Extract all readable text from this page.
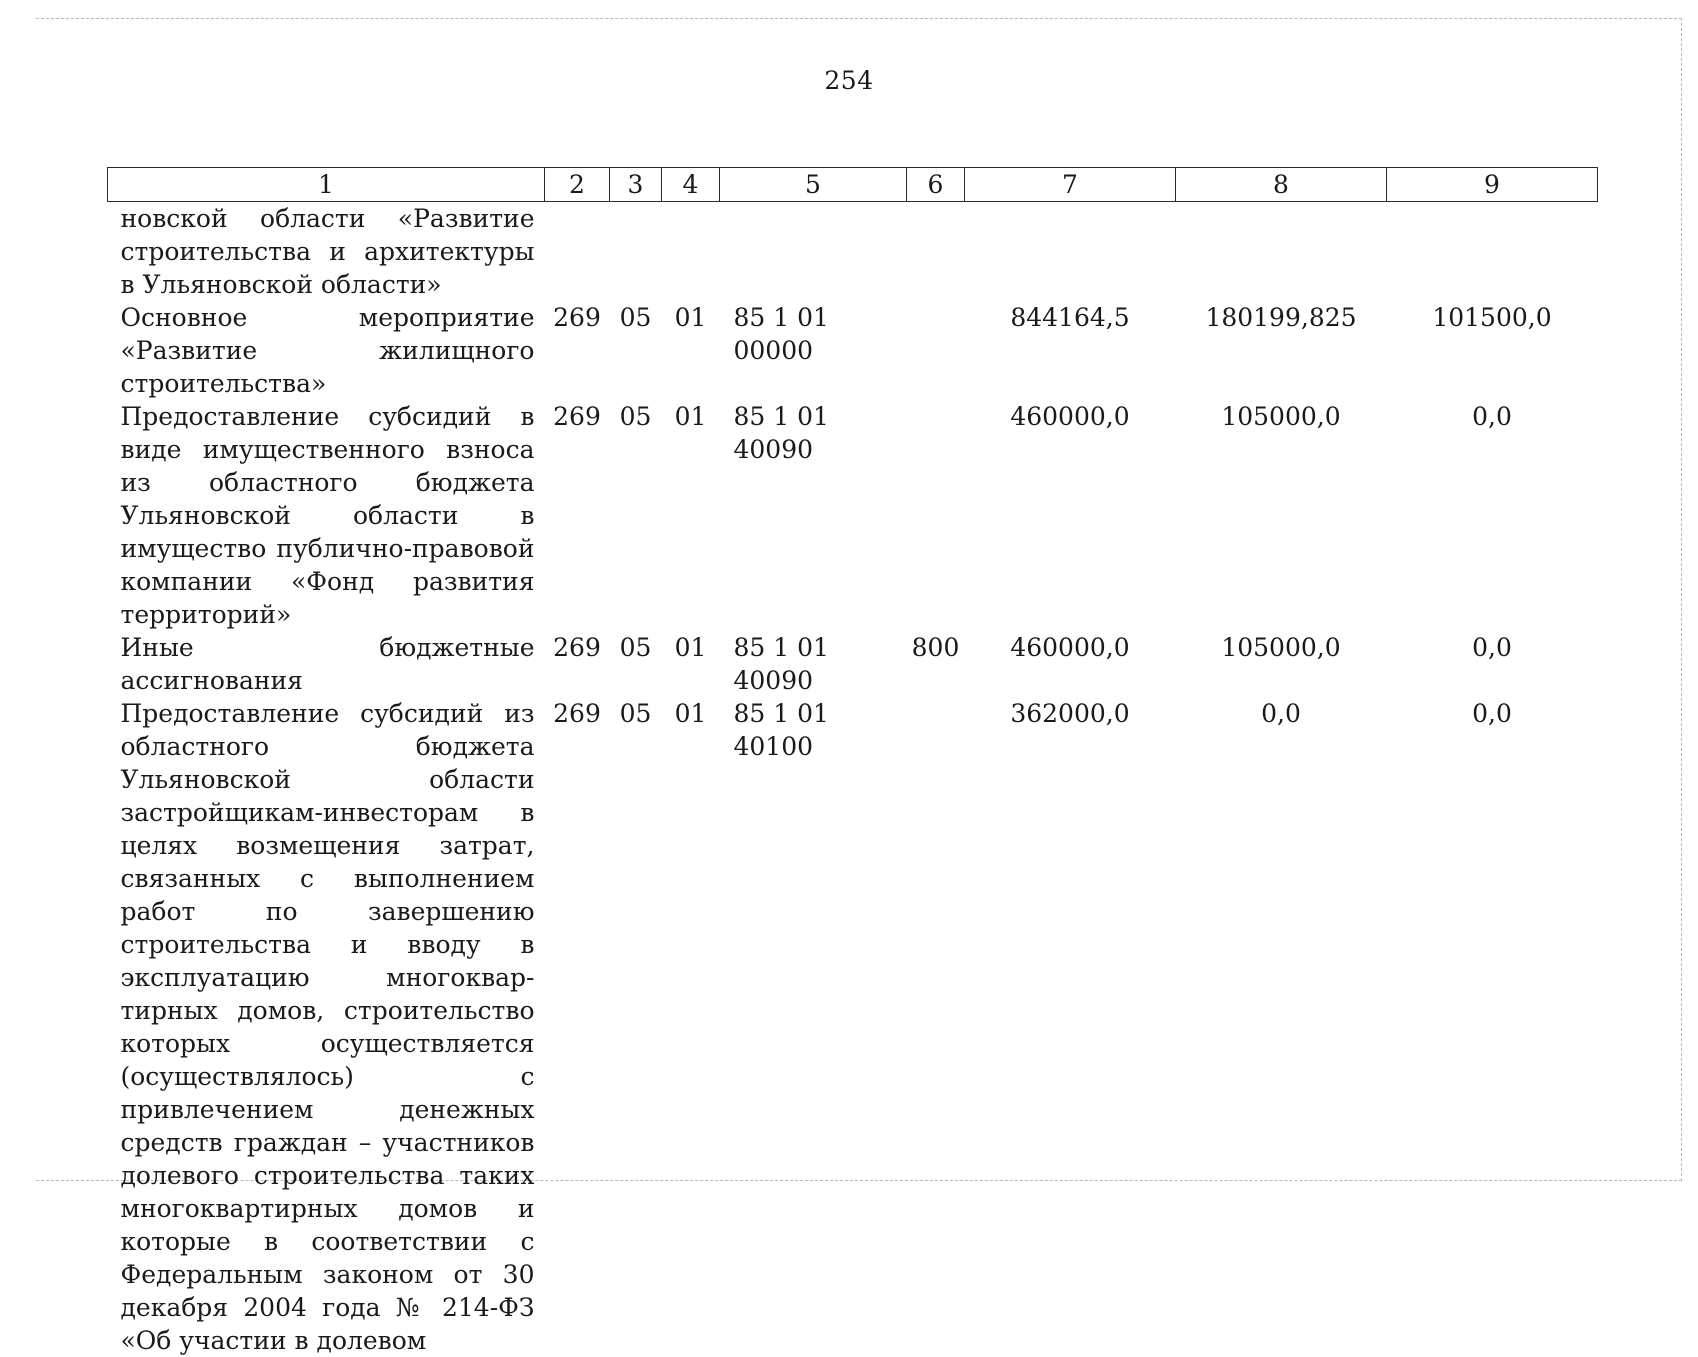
254
1	2	3	4	5	6	7	8	9
новской области «Развитие строительства и архитектуры в Ульяновской области»								
Основное мероприятие «Развитие жилищного строительства»	269	05	01	85 1 01 00000		844164,5	180199,825	101500,0
Предоставление субсидий в виде имущественного взноса из областного бюджета Ульяновской области в имущество публично-правовой компании «Фонд развития территорий»	269	05	01	85 1 01 40090		460000,0	105000,0	0,0
Иные бюджетные ассигнования	269	05	01	85 1 01 40090	800	460000,0	105000,0	0,0
Предоставление субсидий из областного бюджета Ульяновской области застройщикам-инвесторам в целях возмещения затрат, связанных с выполнением работ по завершению строительства и вводу в эксплуатацию многоквартирных домов, строительство которых осуществляется (осуществлялось) с привлечением денежных средств граждан – участников долевого строительства таких многоквартирных домов и которые в соответствии с Федеральным законом от 30 декабря 2004 года № 214-ФЗ «Об участии в долевом	269	05	01	85 1 01 40100		362000,0	0,0	0,0
